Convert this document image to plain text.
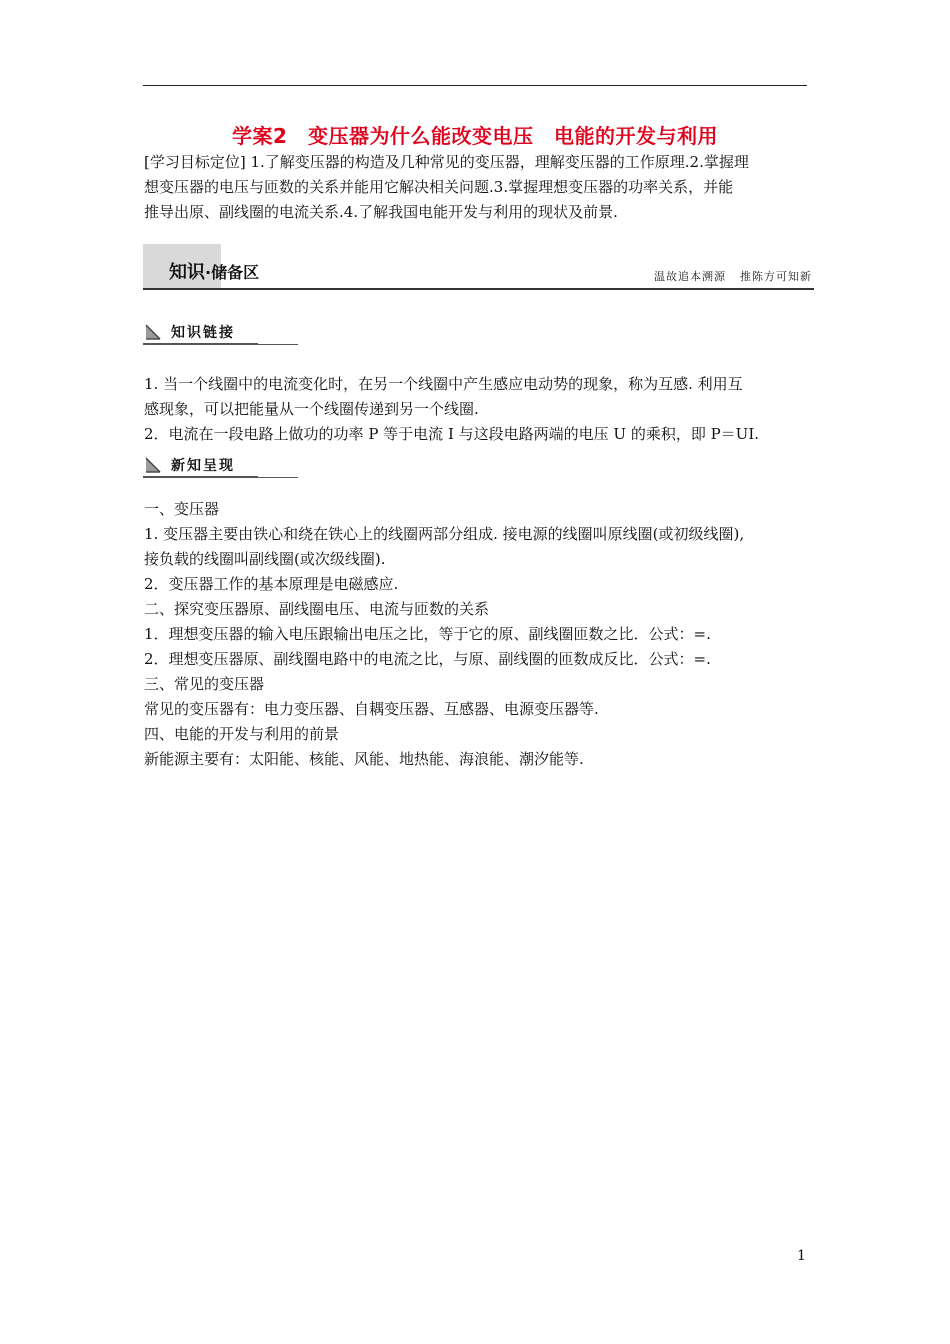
学案2　变压器为什么能改变电压　电能的开发与利用
[学习目标定位] 1.了解变压器的构造及几种常见的变压器，理解变压器的工作原理.2.掌握理
想变压器的电压与匝数的关系并能用它解决相关问题.3.掌握理想变压器的功率关系，并能
推导出原、副线圈的电流关系.4.了解我国电能开发与利用的现状及前景.
知识·储备区	温故追本溯源 推陈方可知新
知识链接
1. 当一个线圈中的电流变化时，在另一个线圈中产生感应电动势的现象，称为互感. 利用互
感现象，可以把能量从一个线圈传递到另一个线圈.
2．电流在一段电路上做功的功率 P 等于电流 I 与这段电路两端的电压 U 的乘积，即 P＝UI.
新知呈现
一、变压器
1. 变压器主要由铁心和绕在铁心上的线圈两部分组成. 接电源的线圈叫原线圈(或初级线圈),
接负载的线圈叫副线圈(或次级线圈).
2．变压器工作的基本原理是电磁感应.
二、探究变压器原、副线圈电压、电流与匝数的关系
1．理想变压器的输入电压跟输出电压之比，等于它的原、副线圈匝数之比．公式：=.
2．理想变压器原、副线圈电路中的电流之比，与原、副线圈的匝数成反比．公式：=.
三、常见的变压器
常见的变压器有：电力变压器、自耦变压器、互感器、电源变压器等.
四、电能的开发与利用的前景
新能源主要有：太阳能、核能、风能、地热能、海浪能、潮汐能等.
1
